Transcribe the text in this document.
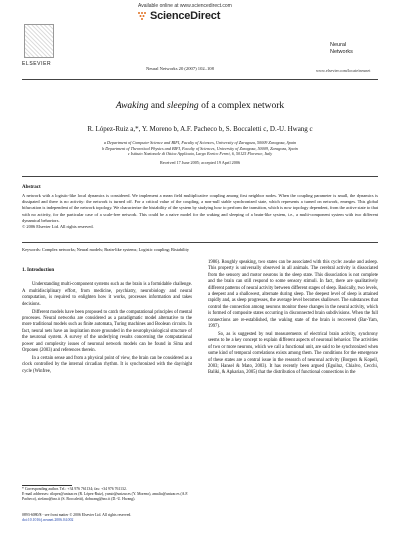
Available online at www.sciencedirect.com
ScienceDirect
ELSEVIER
Neural Networks 20 (2007) 102–108
Neural
Networks
www.elsevier.com/locate/neunet
Awaking and sleeping of a complex network
R. López-Ruiz a,*, Y. Moreno b, A.F. Pacheco b, S. Boccaletti c, D.-U. Hwang c
a Department of Computer Science and BIFI, Faculty of Sciences, University of Zaragoza, 50009 Zaragoza, Spain
b Department of Theoretical Physics and BIFI, Faculty of Sciences, University of Zaragoza, 50009, Zaragoza, Spain
c Istituto Nazionale di Ottica Applicata, Largo Enrico Fermi, 6, 50125 Florence, Italy
Received 17 June 2005; accepted 19 April 2006
Abstract
A network with a logistic-like local dynamics is considered. We implement a mean field multiplicative coupling among first neighbor nodes. When the coupling parameter is small, the dynamics is dissipated and there is no activity: the network is turned off. For a critical value of the coupling, a non-null stable synchronized state, which represents a turned on network, emerges. This global bifurcation is independent of the network topology. We characterize the bistability of the system by studying how to perform the transition, which is now topology dependent, from the active state to that with no activity, for the particular case of a scale-free network. This could be a naive model for the waking and sleeping of a brain-like system, i.e., a multi-component system with two different dynamical behaviors.
© 2006 Elsevier Ltd. All rights reserved.
Keywords: Complex networks; Neural models; Brain-like systems; Logistic coupling; Bistability
1. Introduction

Understanding multi-component systems such as the brain is a formidable challenge. A multidisciplinary effort, from medicine, psychiatry, neurobiology and neural computation, is required to enlighten how it works, processes information and takes decisions.

Different models have been proposed to catch the computational principles of mental processes. Neural networks are considered as a paradigmatic model alternative to the more traditional models such as finite automata, Turing machines and Boolean circuits. In fact, neural nets have an inspiration more grounded in the neurophysiological structure of the neuronal system. A survey of the underlying results concerning the computational power and complexity issues of neuronal network models can be found in Síma and Orponen (2003) and references therein.

In a certain sense and from a physical point of view, the brain can be considered as a clock controlled by the internal circadian rhythm. It is synchronized with the day/night cycle (Winfree,

1986). Roughly speaking, two states can be associated with this cycle: awake and asleep. This property is universally observed in all animals. The cerebral activity is dissociated from the sensory and motor neurons in the sleep state. This dissociation is not complete and the brain can still respond to some sensory stimuli. In fact, there are qualitatively different patterns of neural activity between different stages of sleep. Basically, two levels, a deepest and a shallowest, alternate during sleep. The deepest level of sleep is attained rapidly and, as sleep progresses, the average level becomes shallower. The substances that control the connection among neurons monitor these changes in the neural activity, which is formed of composite states occurring in disconnected brain subdivisions. When the full connections are re-established, the waking state of the brain is recovered (Bar-Yam, 1997).

So, as is suggested by real measurements of electrical brain activity, synchrony seems to be a key concept to explain different aspects of neuronal behavior. The activities of two or more neurons, which we call a functional unit, are said to be synchronized when some kind of temporal correlations exists among them. The conditions for the emergence of these states are a central issue in the research of neuronal activity (Borgers & Kopell, 2003; Hansel & Mato, 2003). It has recently been argued (Eguiluz, Chialvo, Cecchi, Baliki, & Apkarian, 2005) that the distribution of functional connections in the

* Corresponding author. Tel.: +34 976 761134; fax: +34 976 761132.
E-mail addresses: rilopez@unizar.es (R. López-Ruiz), yamir@unizar.es (Y. Moreno), amalio@unizar.es (A.F. Pacheco), stefano@ino.it (S. Boccaletti), dohwang@ino.it (D.-U. Hwang).
0893-6080/$ - see front matter © 2006 Elsevier Ltd. All rights reserved.
doi:10.1016/j.neunet.2006.04.002
